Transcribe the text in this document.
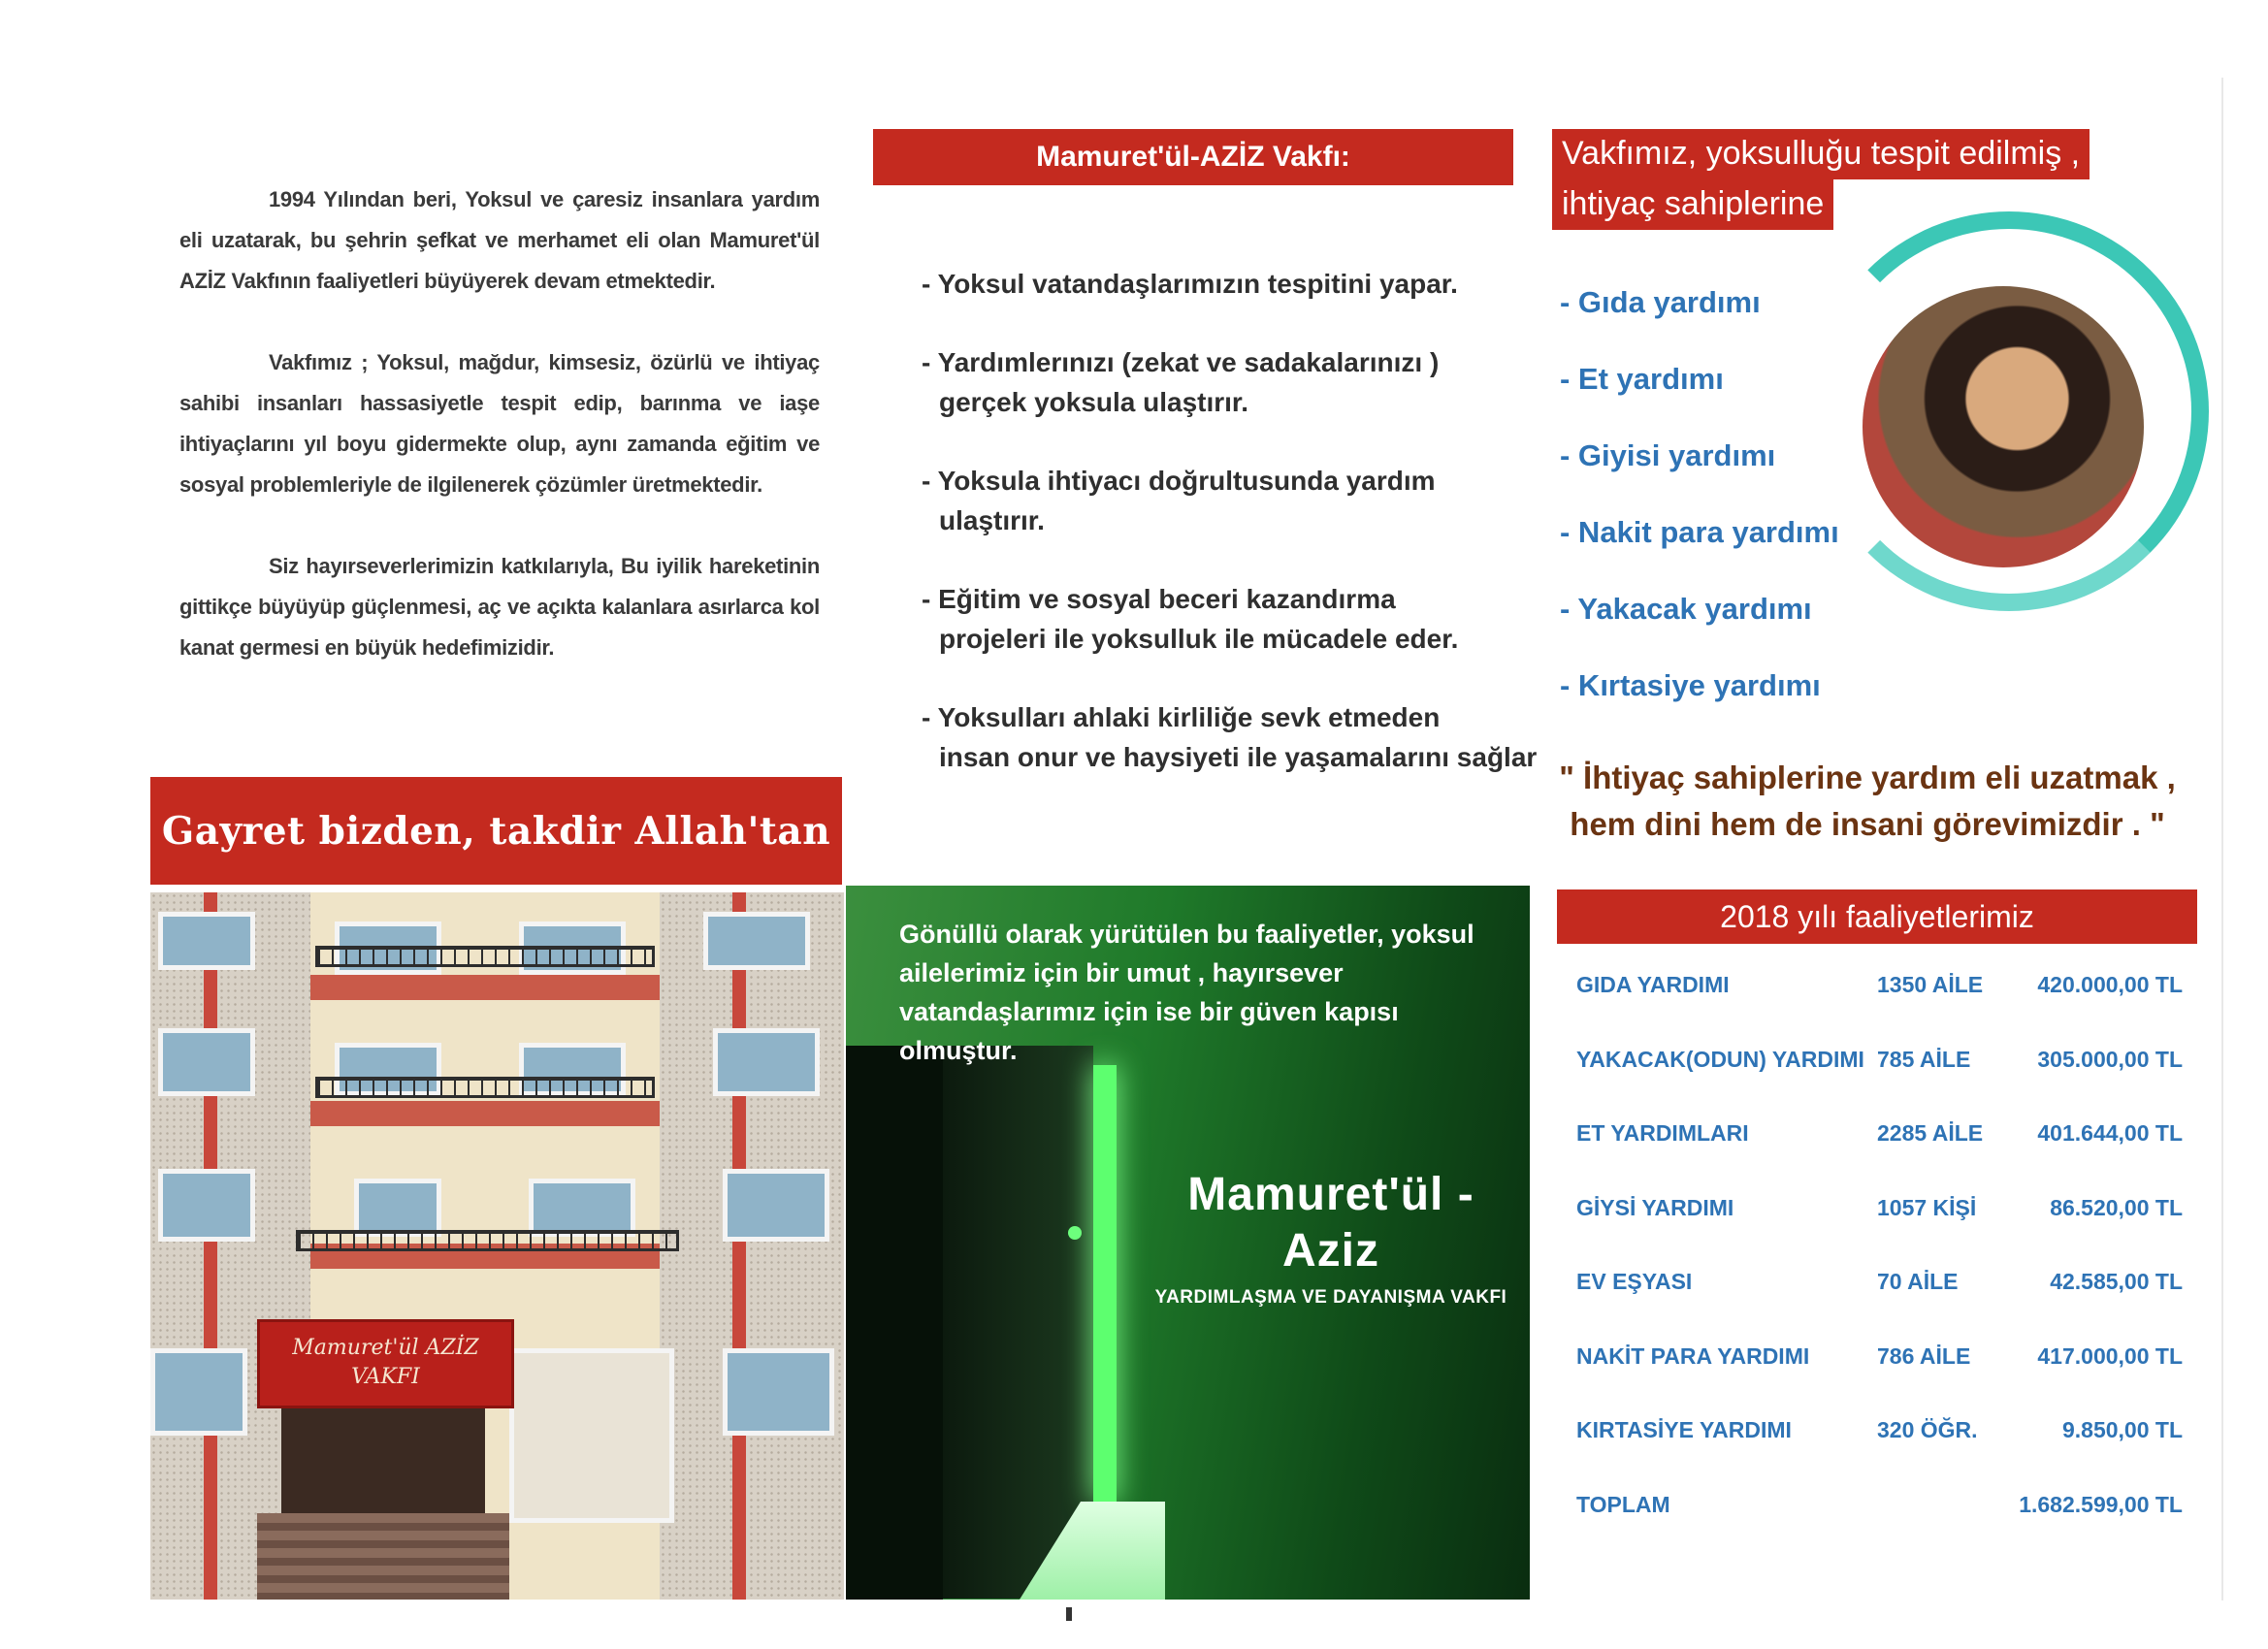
1994 Yılından beri, Yoksul ve çaresiz insanlara yardım eli uzatarak, bu şehrin şefkat ve merhamet eli olan Mamuret'ül AZİZ Vakfının faaliyetleri büyüyerek devam etmektedir.

Vakfımız ; Yoksul, mağdur, kimsesiz, özürlü ve ihtiyaç sahibi insanları hassasiyetle tespit edip, barınma ve iaşe ihtiyaçlarını yıl boyu gidermekte olup, aynı zamanda eğitim ve sosyal problemleriyle de ilgilenerek çözümler üretmektedir.

Siz hayırseverlerimizin katkılarıyla, Bu iyilik hareketinin gittikçe büyüyüp güçlenmesi, aç ve açıkta kalanlara asırlarca kol kanat germesi en büyük hedefimizidir.

Gayret bizden, takdir Allah'tan
Mamuret'ül AZİZ
VAKFI
Mamuret'ül-AZİZ Vakfı:
- Yoksul vatandaşlarımızın tespitini yapar.
- Yardımlerınızı (zekat ve sadakalarınızı )
gerçek yoksula ulaştırır.
- Yoksula ihtiyacı doğrultusunda yardım
ulaştırır.
- Eğitim ve sosyal beceri kazandırma
projeleri ile yoksulluk ile mücadele eder.
- Yoksulları ahlaki kirliliğe sevk etmeden
insan onur ve haysiyeti ile yaşamalarını sağlar
Gönüllü olarak yürütülen bu faaliyetler, yoksul ailelerimiz için bir umut , hayırsever vatandaşlarımız için ise bir güven kapısı olmuştur.
Mamuret'ül - Aziz
YARDIMLAŞMA VE DAYANIŞMA VAKFI
Vakfımız, yoksulluğu tespit edilmiş ,
ihtiyaç sahiplerine
- Gıda yardımı
- Et yardımı
- Giyisi yardımı
- Nakit para yardımı
- Yakacak yardımı
- Kırtasiye yardımı
" İhtiyaç sahiplerine yardım eli uzatmak ,
hem dini hem de insani görevimizdir . "
2018 yılı faaliyetlerimiz
GIDA YARDIMI	1350 AİLE 420.000,00 TL
YAKACAK(ODUN) YARDIMI 785 AİLE	305.000,00 TL
ET YARDIMLARI	2285 AİLE 401.644,00 TL
GİYSİ YARDIMI	1057 KİŞİ	86.520,00 TL
EV EŞYASI	70 AİLE	42.585,00 TL
NAKİT PARA YARDIMI	786 AİLE	417.000,00 TL
KIRTASİYE YARDIMI	320 ÖĞR.	9.850,00 TL
TOPLAM	1.682.599,00 TL
